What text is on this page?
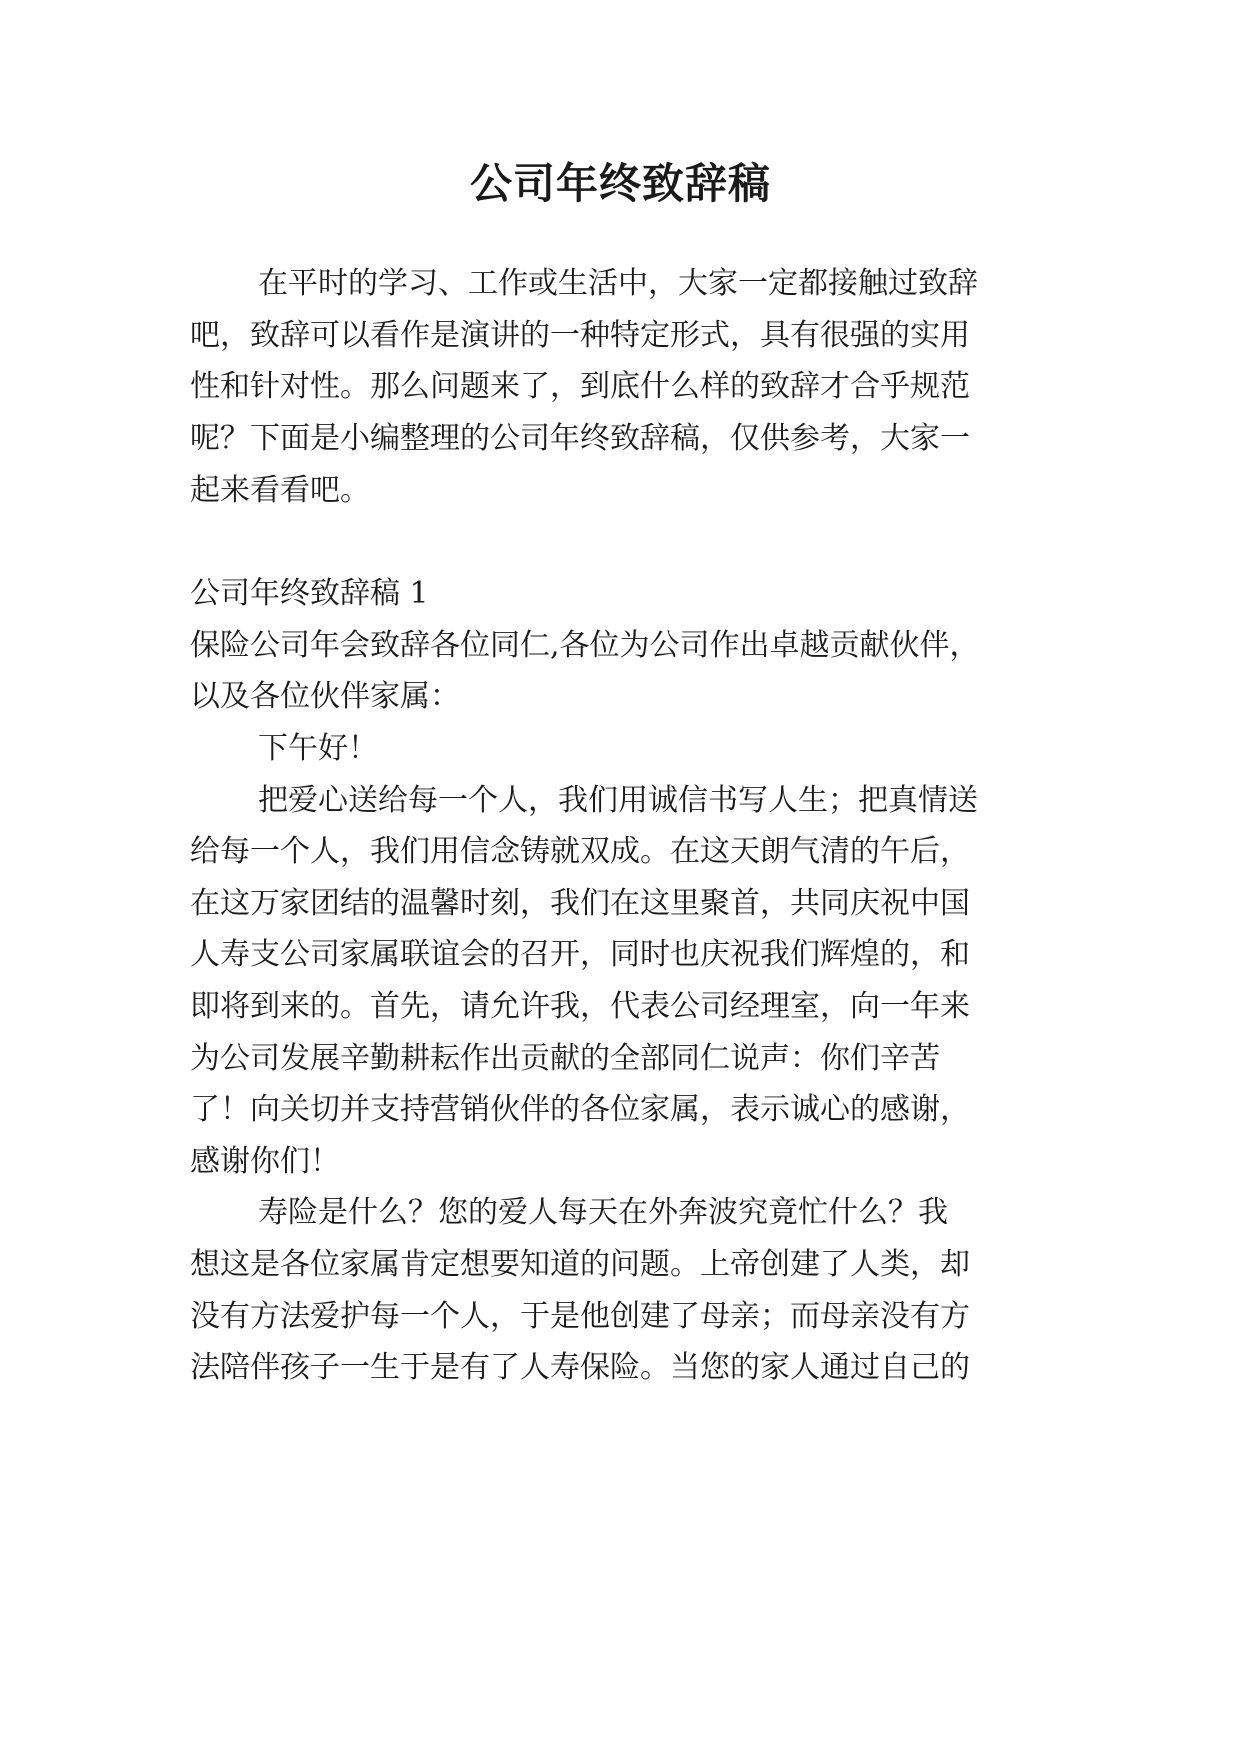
公司年终致辞稿

在平时的学习、工作或生活中，大家一定都接触过致辞

吧，致辞可以看作是演讲的一种特定形式，具有很强的实用

性和针对性。那么问题来了，到底什么样的致辞才合乎规范

呢？下面是小编整理的公司年终致辞稿，仅供参考，大家一

起来看看吧。

公司年终致辞稿 1

保险公司年会致辞各位同仁,各位为公司作出卓越贡献伙伴，

以及各位伙伴家属：

下午好！

把爱心送给每一个人，我们用诚信书写人生；把真情送

给每一个人，我们用信念铸就双成。在这天朗气清的午后，

在这万家团结的温馨时刻，我们在这里聚首，共同庆祝中国

人寿支公司家属联谊会的召开，同时也庆祝我们辉煌的，和

即将到来的。首先，请允许我，代表公司经理室，向一年来

为公司发展辛勤耕耘作出贡献的全部同仁说声：你们辛苦

了！向关切并支持营销伙伴的各位家属，表示诚心的感谢，

感谢你们！

寿险是什么？您的爱人每天在外奔波究竟忙什么？我

想这是各位家属肯定想要知道的问题。上帝创建了人类，却

没有方法爱护每一个人，于是他创建了母亲；而母亲没有方

法陪伴孩子一生于是有了人寿保险。当您的家人通过自己的
